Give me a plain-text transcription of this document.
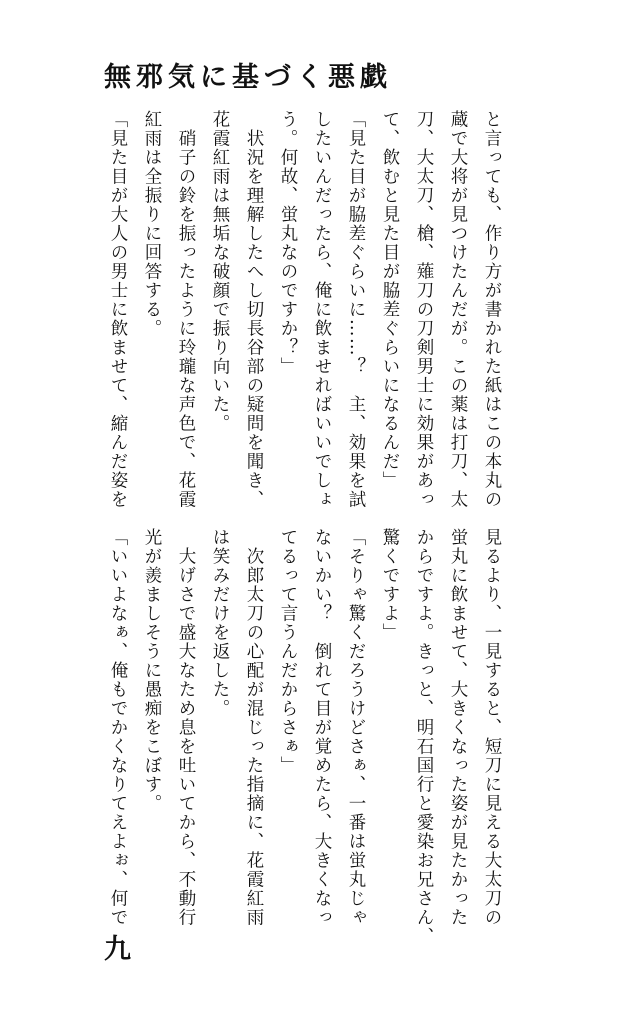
無邪気に基づく悪戯
と言っても、作り方が書かれた紙はこの本丸の
蔵で大将が見つけたんだが。この薬は打刀、太
刀、大太刀、槍、薙刀の刀剣男士に効果があっ
て、飲むと見た目が脇差ぐらいになるんだ」
「見た目が脇差ぐらいに……？　主、効果を試
したいんだったら、俺に飲ませればいいでしょ
う。何故、蛍丸なのですか？」
　状況を理解したへし切長谷部の疑問を聞き、
花霞紅雨は無垢な破顔で振り向いた。
　硝子の鈴を振ったように玲瓏な声色で、花霞
紅雨は全振りに回答する。
「見た目が大人の男士に飲ませて、縮んだ姿を
見るより、一見すると、短刀に見える大太刀の
蛍丸に飲ませて、大きくなった姿が見たかった
からですよ。きっと、明石国行と愛染お兄さん、
驚くですよ」
「そりゃ驚くだろうけどさぁ、一番は蛍丸じゃ
ないかい？　倒れて目が覚めたら、大きくなっ
てるって言うんだからさぁ」
　次郎太刀の心配が混じった指摘に、花霞紅雨
は笑みだけを返した。
　大げさで盛大なため息を吐いてから、不動行
光が羨ましそうに愚痴をこぼす。
「いいよなぁ、俺もでかくなりてえよぉ、何で
九
